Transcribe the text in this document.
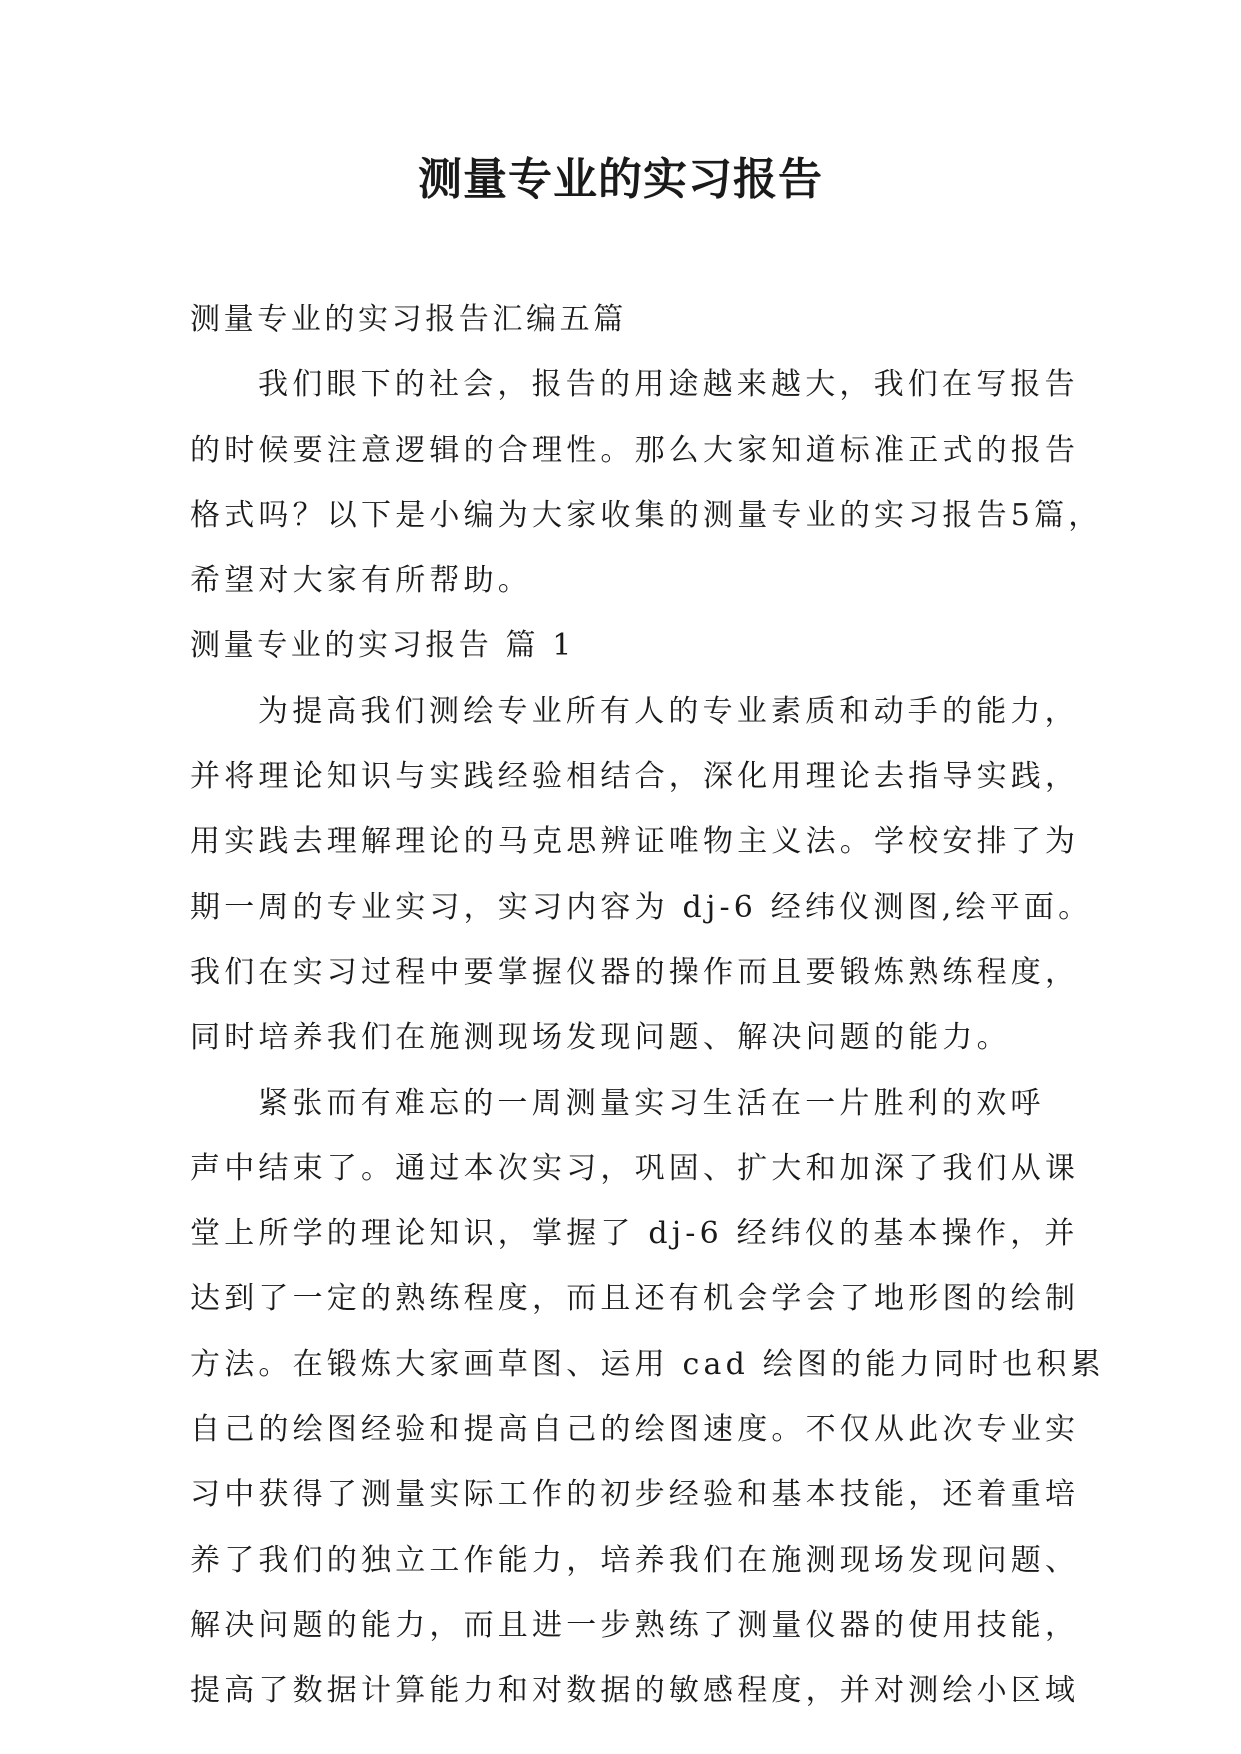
测量专业的实习报告
测量专业的实习报告汇编五篇
我们眼下的社会，报告的用途越来越大，我们在写报告
的时候要注意逻辑的合理性。那么大家知道标准正式的报告
格式吗？以下是小编为大家收集的测量专业的实习报告5篇，
希望对大家有所帮助。
测量专业的实习报告 篇 1
为提高我们测绘专业所有人的专业素质和动手的能力，
并将理论知识与实践经验相结合，深化用理论去指导实践，
用实践去理解理论的马克思辨证唯物主义法。学校安排了为
期一周的专业实习，实习内容为 dj-6 经纬仪测图,绘平面。
我们在实习过程中要掌握仪器的操作而且要锻炼熟练程度，
同时培养我们在施测现场发现问题、解决问题的能力。
紧张而有难忘的一周测量实习生活在一片胜利的欢呼
声中结束了。通过本次实习，巩固、扩大和加深了我们从课
堂上所学的理论知识，掌握了 dj-6 经纬仪的基本操作，并
达到了一定的熟练程度，而且还有机会学会了地形图的绘制
方法。在锻炼大家画草图、运用 cad 绘图的能力同时也积累
自己的绘图经验和提高自己的绘图速度。不仅从此次专业实
习中获得了测量实际工作的初步经验和基本技能，还着重培
养了我们的独立工作能力，培养我们在施测现场发现问题、
解决问题的能力，而且进一步熟练了测量仪器的使用技能，
提高了数据计算能力和对数据的敏感程度，并对测绘小区域
